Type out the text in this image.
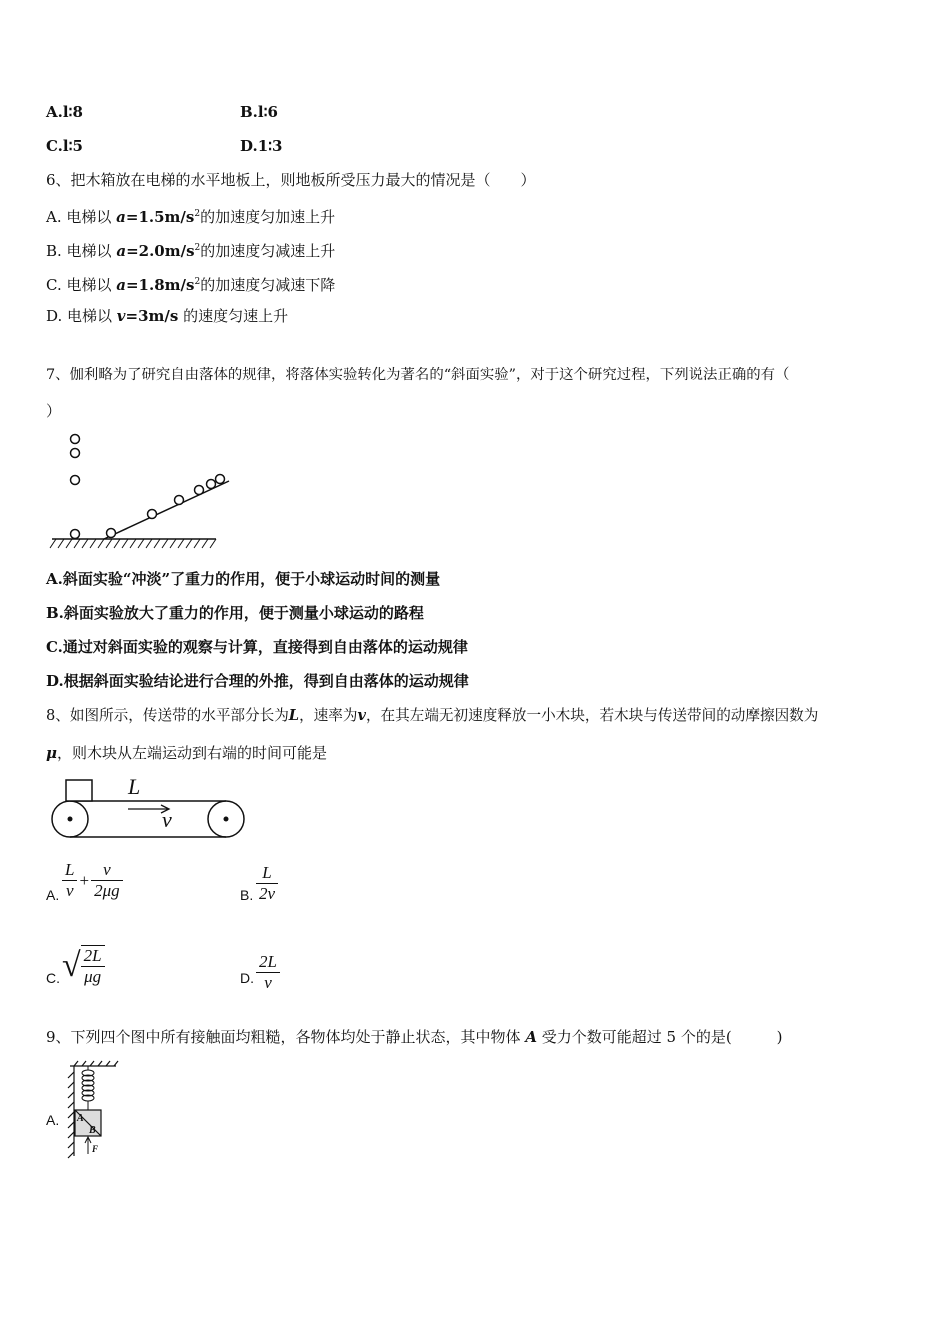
A.l∶8	B.l∶6
C.l∶5	D.1∶3
6、把木箱放在电梯的水平地板上，则地板所受压力最大的情况是（　　）
A. 电梯以 $a=1.5m/s^2$的加速度匀加速上升
B. 电梯以 $a=2.0m/s^2$的加速度匀减速上升
C. 电梯以 $a=1.8m/s^2$的加速度匀减速下降
D. 电梯以 v=3m/s 的速度匀速上升
7、伽利略为了研究自由落体的规律，将落体实验转化为著名的“斜面实验”，对于这个研究过程，下列说法正确的有（
）
A.斜面实验“冲淡”了重力的作用，便于小球运动时间的测量
B.斜面实验放大了重力的作用，便于测量小球运动的路程
C.通过对斜面实验的观察与计算，直接得到自由落体的运动规律
D.根据斜面实验结论进行合理的外推，得到自由落体的运动规律
8、如图所示，传送带的水平部分长为L，速率为v，在其左端无初速度释放一小木块，若木块与传送带间的动摩擦因数为
μ，则木块从左端运动到右端的时间可能是
L
v
A. $\frac{L}{v} + \frac{v}{2\mu g}$	B. $\frac{L}{2v}$
C. √ $\frac{2L}{\mu g}$	D. $\frac{2L}{v}$
9、下列四个图中所有接触面均粗糙，各物体均处于静止状态，其中物体 A 受力个数可能超过 5 个的是(　　　)
A. A
B
F
